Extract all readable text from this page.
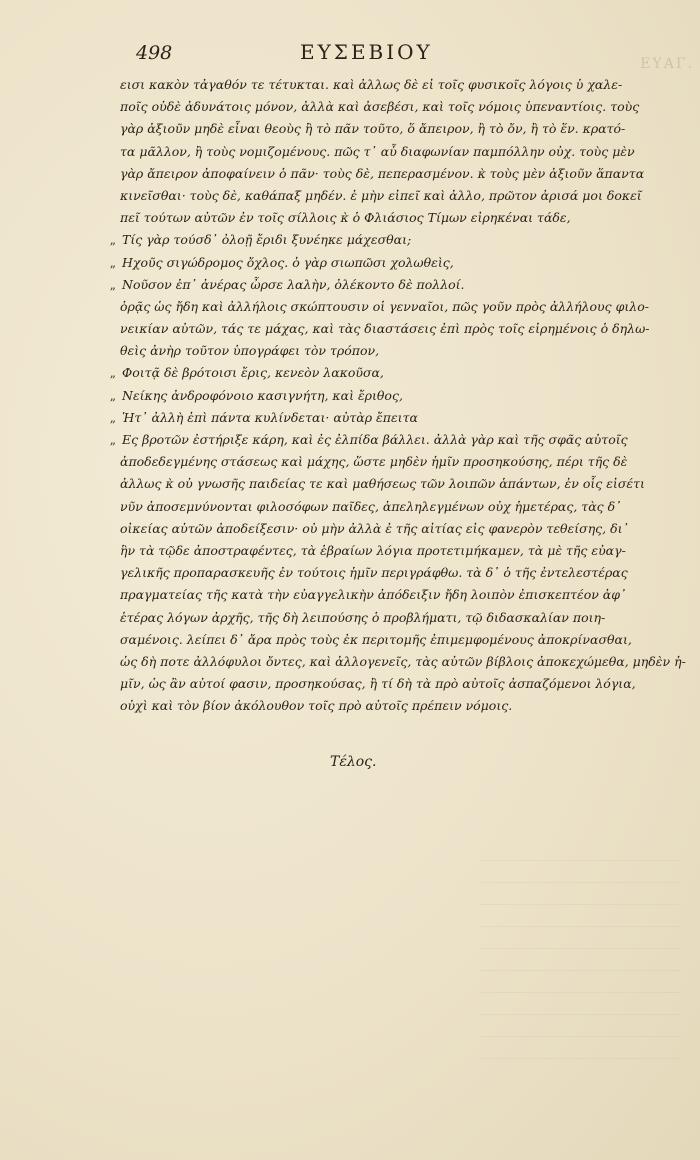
ΕΥΑΓ.
498	ΕΥΣΕΒΙΟΥ
εισι κακὸν τἀγαθόν τε τέτυκται. καὶ ἀλλως δὲ εἰ τοῖς φυσικοῖς λόγοις ὑ χαλε-
ποῖς οὐδὲ ἀδυνάτοις μόνον, ἀλλὰ καὶ ἀσεβέσι, καὶ τοῖς νόμοις ὑπεναντίοις. τοὺς
γὰρ ἀξιοῦν μηδὲ εἶναι θεοὺς ἢ τὸ πᾶν τοῦτο, ὅ ἄπειρον, ἢ τὸ ὄν, ἢ τὸ ἕν. κρατό-
τα μᾶλλον, ἢ τοὺς νομιζομένους. πῶς τ᾿ αὖ διαφωνίαν παμπόλλην οὐχ. τοὺς μὲν
γὰρ ἄπειρον ἀποφαίνειν ὁ πᾶν· τοὺς δὲ, πεπερασμένον. κ̀ τοὺς μὲν ἀξιοῦν ἅπαντα
κινεῖσθαι· τοὺς δὲ, καθάπαξ μηδέν. ἐ μὴν εἰπεῖ καὶ ἀλλο, πρῶτον ἀρισά μοι δοκεῖ
πεῖ τούτων αὐτῶν ἐν τοῖς σίλλοις κ̀ ὁ Φλιάσιος Τίμων εἰρηκέναι τάδε,
„ Τίς γὰρ τούσδ᾿ ὀλοῇ ἔριδι ξυνέηκε μάχεσθαι;
„ Ηχοῦς σιγώδρομος ὄχλος. ὁ γὰρ σιωπῶσι χολωθεὶς,
„ Νοῦσον ἐπ᾿ ἀνέρας ὦρσε λαλὴν, ὀλέκοντο δὲ πολλοί.
ὁρᾷς ὡς ἤδη καὶ ἀλλήλοις σκώπτουσιν οἱ γενναῖοι, πῶς γοῦν πρὸς ἀλλήλους φιλο-
νεικίαν αὐτῶν, τάς τε μάχας, καὶ τὰς διαστάσεις ἐπὶ πρὸς τοῖς εἰρημένοις ὁ δηλω-
θεὶς ἀνὴρ τοῦτον ὑπογράφει τὸν τρόπον,
„ Φοιτᾷ δὲ βρότοισι ἔρις, κενεὸν λακοῦσα,
„ Νείκης ἀνδροφόνοιο κασιγνήτη, καὶ ἔριθος,
„ Ἡτ᾿ ἀλλὴ ἐπὶ πάντα κυλίνδεται· αὐτὰρ ἔπειτα
„ Ες βροτῶν ἐστήριξε κάρη, καὶ ἐς ἐλπίδα βάλλει. ἀλλὰ γὰρ καὶ τῆς σφᾶς αὐτοῖς
ἀποδεδεγμένης στάσεως καὶ μάχης, ὥστε μηδὲν ἡμῖν προσηκούσης, πέρι τῆς δὲ
ἀλλως κ̀ οὐ γνωσῆς παιδείας τε καὶ μαθήσεως τῶν λοιπῶν ἁπάντων, ἐν οἷς εἰσέτι
νῦν ἀποσεμνύνονται φιλοσόφων παῖδες, ἀπεληλεγμένων οὐχ ἡμετέρας, τὰς δ᾿
οἰκείας αὐτῶν ἀποδείξεσιν· οὐ μὴν ἀλλὰ ἐ τῆς αἰτίας εἰς φανερὸν τεθείσης, δι᾿
ἣν τὰ τῷδε ἀποστραφέντες, τὰ ἑβραίων λόγια προτετιμήκαμεν, τὰ μὲ τῆς εὐαγ-
γελικῆς προπαρασκευῆς ἐν τούτοις ἡμῖν περιγράφθω. τὰ δ᾿ ὁ τῆς ἐντελεστέρας
πραγματείας τῆς κατὰ τὴν εὐαγγελικὴν ἀπόδειξιν ἤδη λοιπὸν ἐπισκεπτέον ἀφ᾿
ἑτέρας λόγων ἀρχῆς, τῆς δὴ λειπούσης ὁ προβλήματι, τῷ διδασκαλίαν ποιη-
σαμένοις. λείπει δ᾿ ἄρα πρὸς τοὺς ἐκ περιτομῆς ἐπιμεμφομένους ἀποκρίνασθαι,
ὡς δὴ ποτε ἀλλόφυλοι ὄντες, καὶ ἀλλογενεῖς, τὰς αὐτῶν βίβλοις ἀποκεχώμεθα, μηδὲν ἡ-
μῖν, ὡς ἂν αὐτοί φασιν, προσηκούσας, ἢ τί δὴ τὰ πρὸ αὐτοῖς ἀσπαζόμενοι λόγια,
οὐχὶ καὶ τὸν βίον ἀκόλουθον τοῖς πρὸ αὐτοῖς πρέπειν νόμοις.
Τέλος.
